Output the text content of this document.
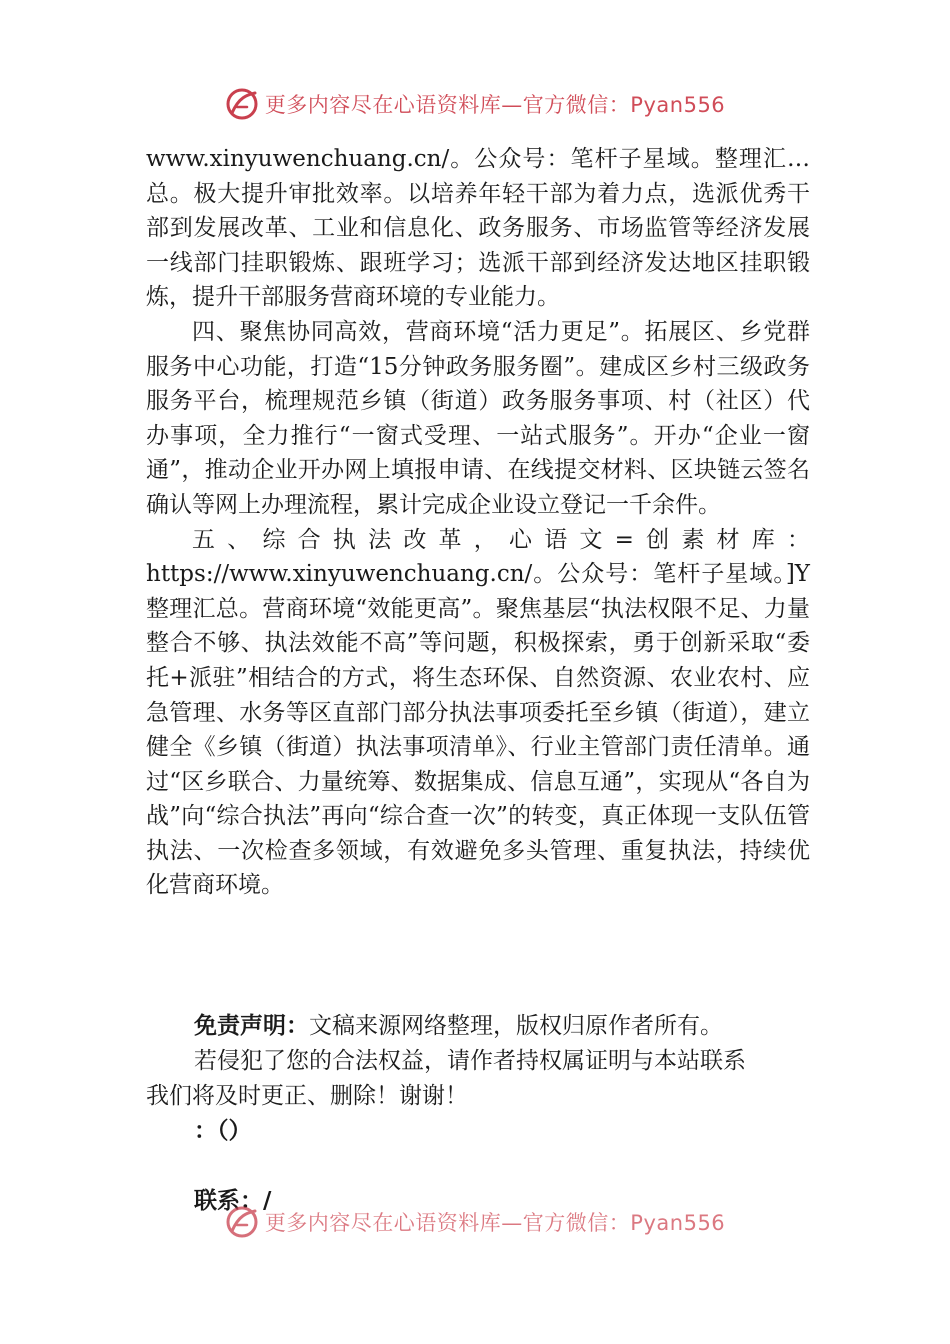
更多内容尽在心语资料库—官方微信：Pyan556

www.xinyuwenchuang.cn/。公众号：笔杆子星域。整理汇…总。极大提升审批效率。以培养年轻干部为着力点，选派优秀干部到发展改革、工业和信息化、政务服务、市场监管等经济发展一线部门挂职锻炼、跟班学习；选派干部到经济发达地区挂职锻炼，提升干部服务营商环境的专业能力。

四、聚焦协同高效，营商环境“活力更足”。拓展区、乡党群服务中心功能，打造“15分钟政务服务圈”。建成区乡村三级政务服务平台，梳理规范乡镇（街道）政务服务事项、村（社区）代办事项，全力推行“一窗式受理、一站式服务”。开办“企业一窗通”，推动企业开办网上填报申请、在线提交材料、区块链云签名确认等网上办理流程，累计完成企业设立登记一千余件。

五、综合执法改革，心语文=创素材库：https://www.xinyuwenchuang.cn/。公众号：笔杆子星域。]Y整理汇总。营商环境“效能更高”。聚焦基层“执法权限不足、力量整合不够、执法效能不高”等问题，积极探索，勇于创新采取“委托+派驻”相结合的方式，将生态环保、自然资源、农业农村、应急管理、水务等区直部门部分执法事项委托至乡镇（街道），建立健全《乡镇（街道）执法事项清单》、行业主管部门责任清单。通过“区乡联合、力量统筹、数据集成、信息互通”，实现从“各自为战”向“综合执法”再向“综合查一次”的转变，真正体现一支队伍管执法、一次检查多领域，有效避免多头管理、重复执法，持续优化营商环境。

免责声明：文稿来源网络整理，版权归原作者所有。
若侵犯了您的合法权益，请作者持权属证明与本站联系
我们将及时更正、删除！谢谢！
：（）
联系：/
更多内容尽在心语资料库—官方微信：Pyan556
